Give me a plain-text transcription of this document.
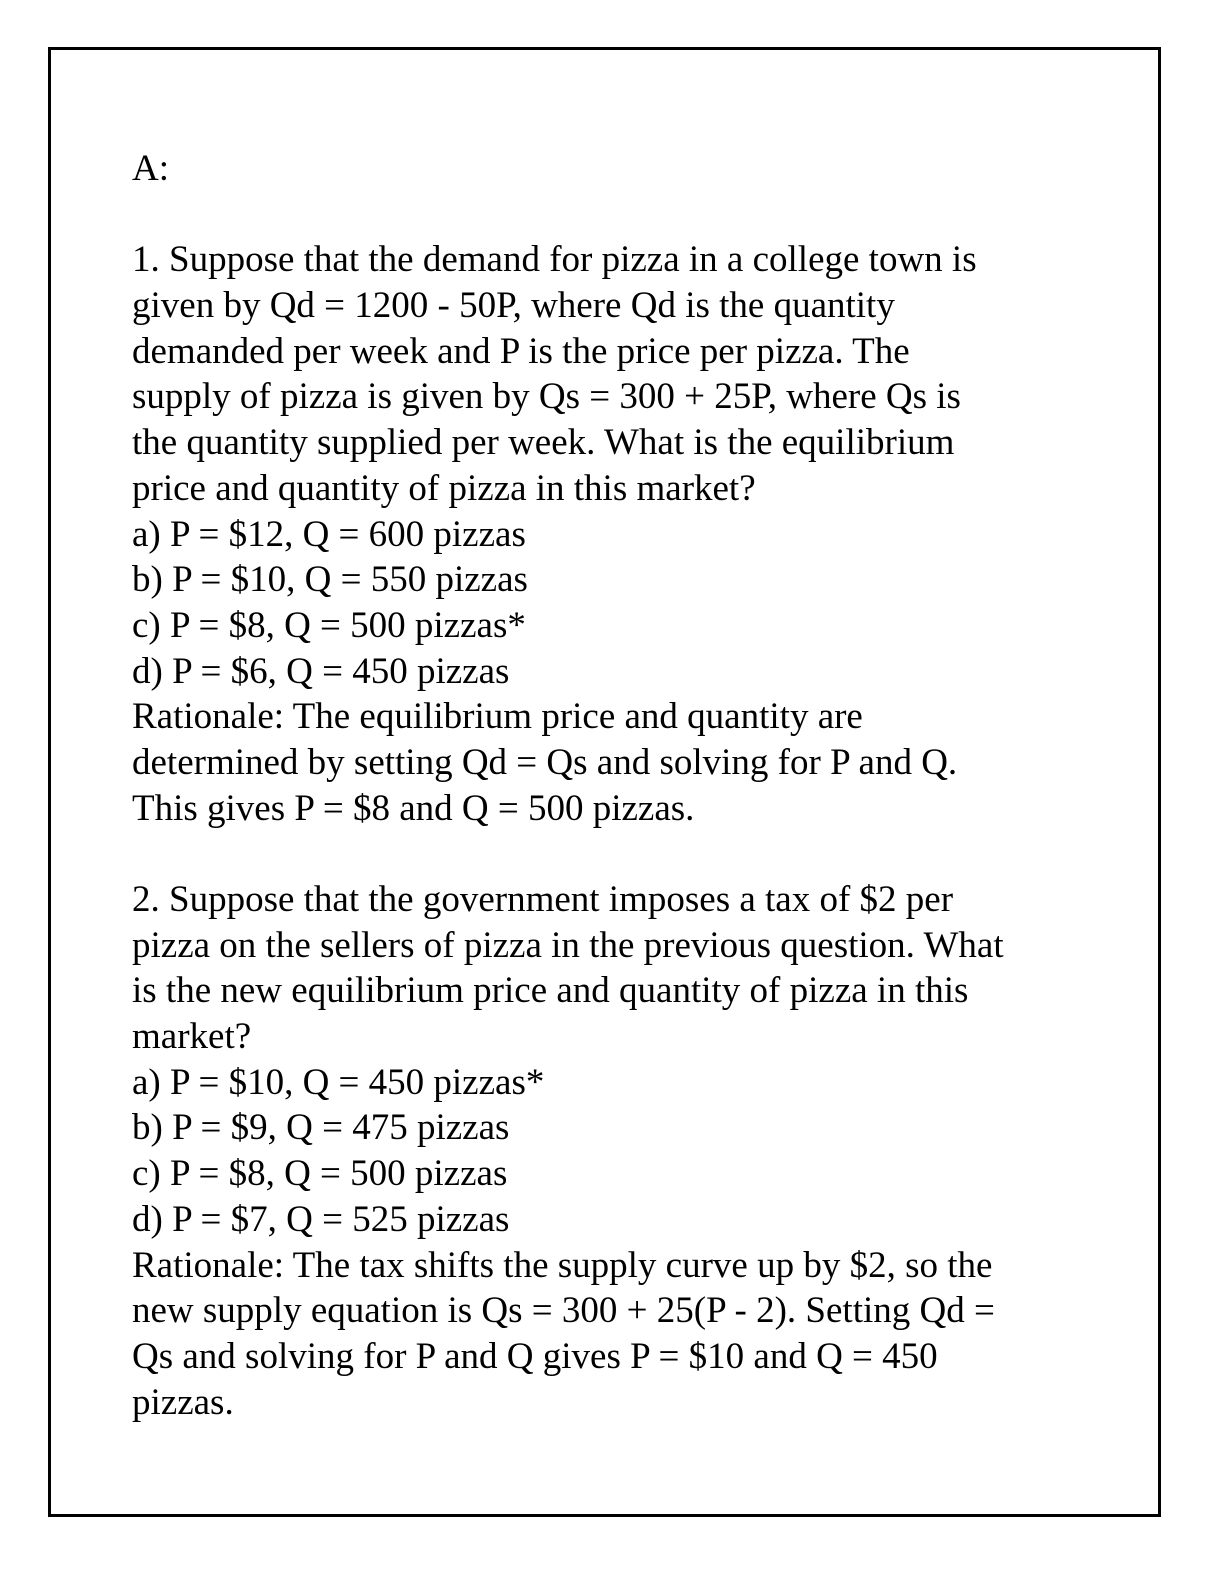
A:
1. Suppose that the demand for pizza in a college town is
given by Qd = 1200 - 50P, where Qd is the quantity
demanded per week and P is the price per pizza. The
supply of pizza is given by Qs = 300 + 25P, where Qs is
the quantity supplied per week. What is the equilibrium
price and quantity of pizza in this market?
a) P = $12, Q = 600 pizzas
b) P = $10, Q = 550 pizzas
c) P = $8, Q = 500 pizzas*
d) P = $6, Q = 450 pizzas
Rationale: The equilibrium price and quantity are
determined by setting Qd = Qs and solving for P and Q.
This gives P = $8 and Q = 500 pizzas.
2. Suppose that the government imposes a tax of $2 per
pizza on the sellers of pizza in the previous question. What
is the new equilibrium price and quantity of pizza in this
market?
a) P = $10, Q = 450 pizzas*
b) P = $9, Q = 475 pizzas
c) P = $8, Q = 500 pizzas
d) P = $7, Q = 525 pizzas
Rationale: The tax shifts the supply curve up by $2, so the
new supply equation is Qs = 300 + 25(P - 2). Setting Qd =
Qs and solving for P and Q gives P = $10 and Q = 450
pizzas.
